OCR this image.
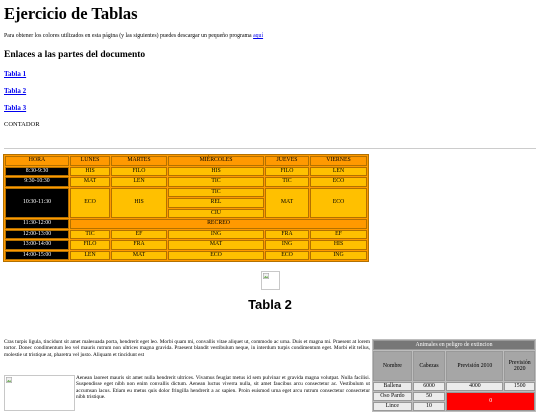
Ejercicio de Tablas
Para obtener los colores utilizados en esta página (y las siguientes) puedes descargar un pequeño programa aquí
Enlaces a las partes del documento
Tabla 1
Tabla 2
Tabla 3
CONTADOR
HORA	LUNES	MARTES	MIÉRCOLES	JUEVES	VIERNES
8:30-9:30	HIS	FILO	HIS	FILO	LEN
9:30-10:30	MAT	LEN	TIC	TIC	ECO
10:30-11:30	ECO	HIS	TIC	MAT	ECO
			REL		
			CIU		
11:30-12:00	RECREO				
12:00-13:00	TIC	EF	ING	FRA	EF
13:00-14:00	FILO	FRA	MAT	ING	HIS
14:00-15:00	LEN	MAT	ECO	ECO	ING
Tabla 2
Cras turpis ligula, tincidunt sit amet malesuada porta, hendrerit eget leo. Morbi quam mi, convallis vitae aliquet ut, commodo ac urna. Duis et magna mi. Praesent at lorem tortor. Donec condimentum leo vel mauris rutrum non ultrices magna gravida. Praesent blandit vestibulum neque, in interdum turpis condimentum eget. Morbi elit tellus, molestie ut tristique at, pharetra vel justo. Aliquam et tincidunt est
Aenean laoreet mauris sit amet nulla hendrerit ultrices. Vivamus feugiat metus id sem pulvinar et gravida magna volutpat. Nulla facilisi. Suspendisse eget nibh non enim convallis dictum. Aenean luctus viverra nulla, sit amet faucibus arcu consectetur ac. Vestibulum ut accumsan lacus. Etiam eu metus quis dolor fringilla hendrerit a ac sapien. Proin euismod urna eget arcu rutrum consectetur consectetur nibh tristique.
Animales en peligro de extincion			
Nombre	Cabezas	Previsión 2010	Previsión 2020
Ballena	6000	4000	1500
Oso Pardo	50	0	
Lince	10		
